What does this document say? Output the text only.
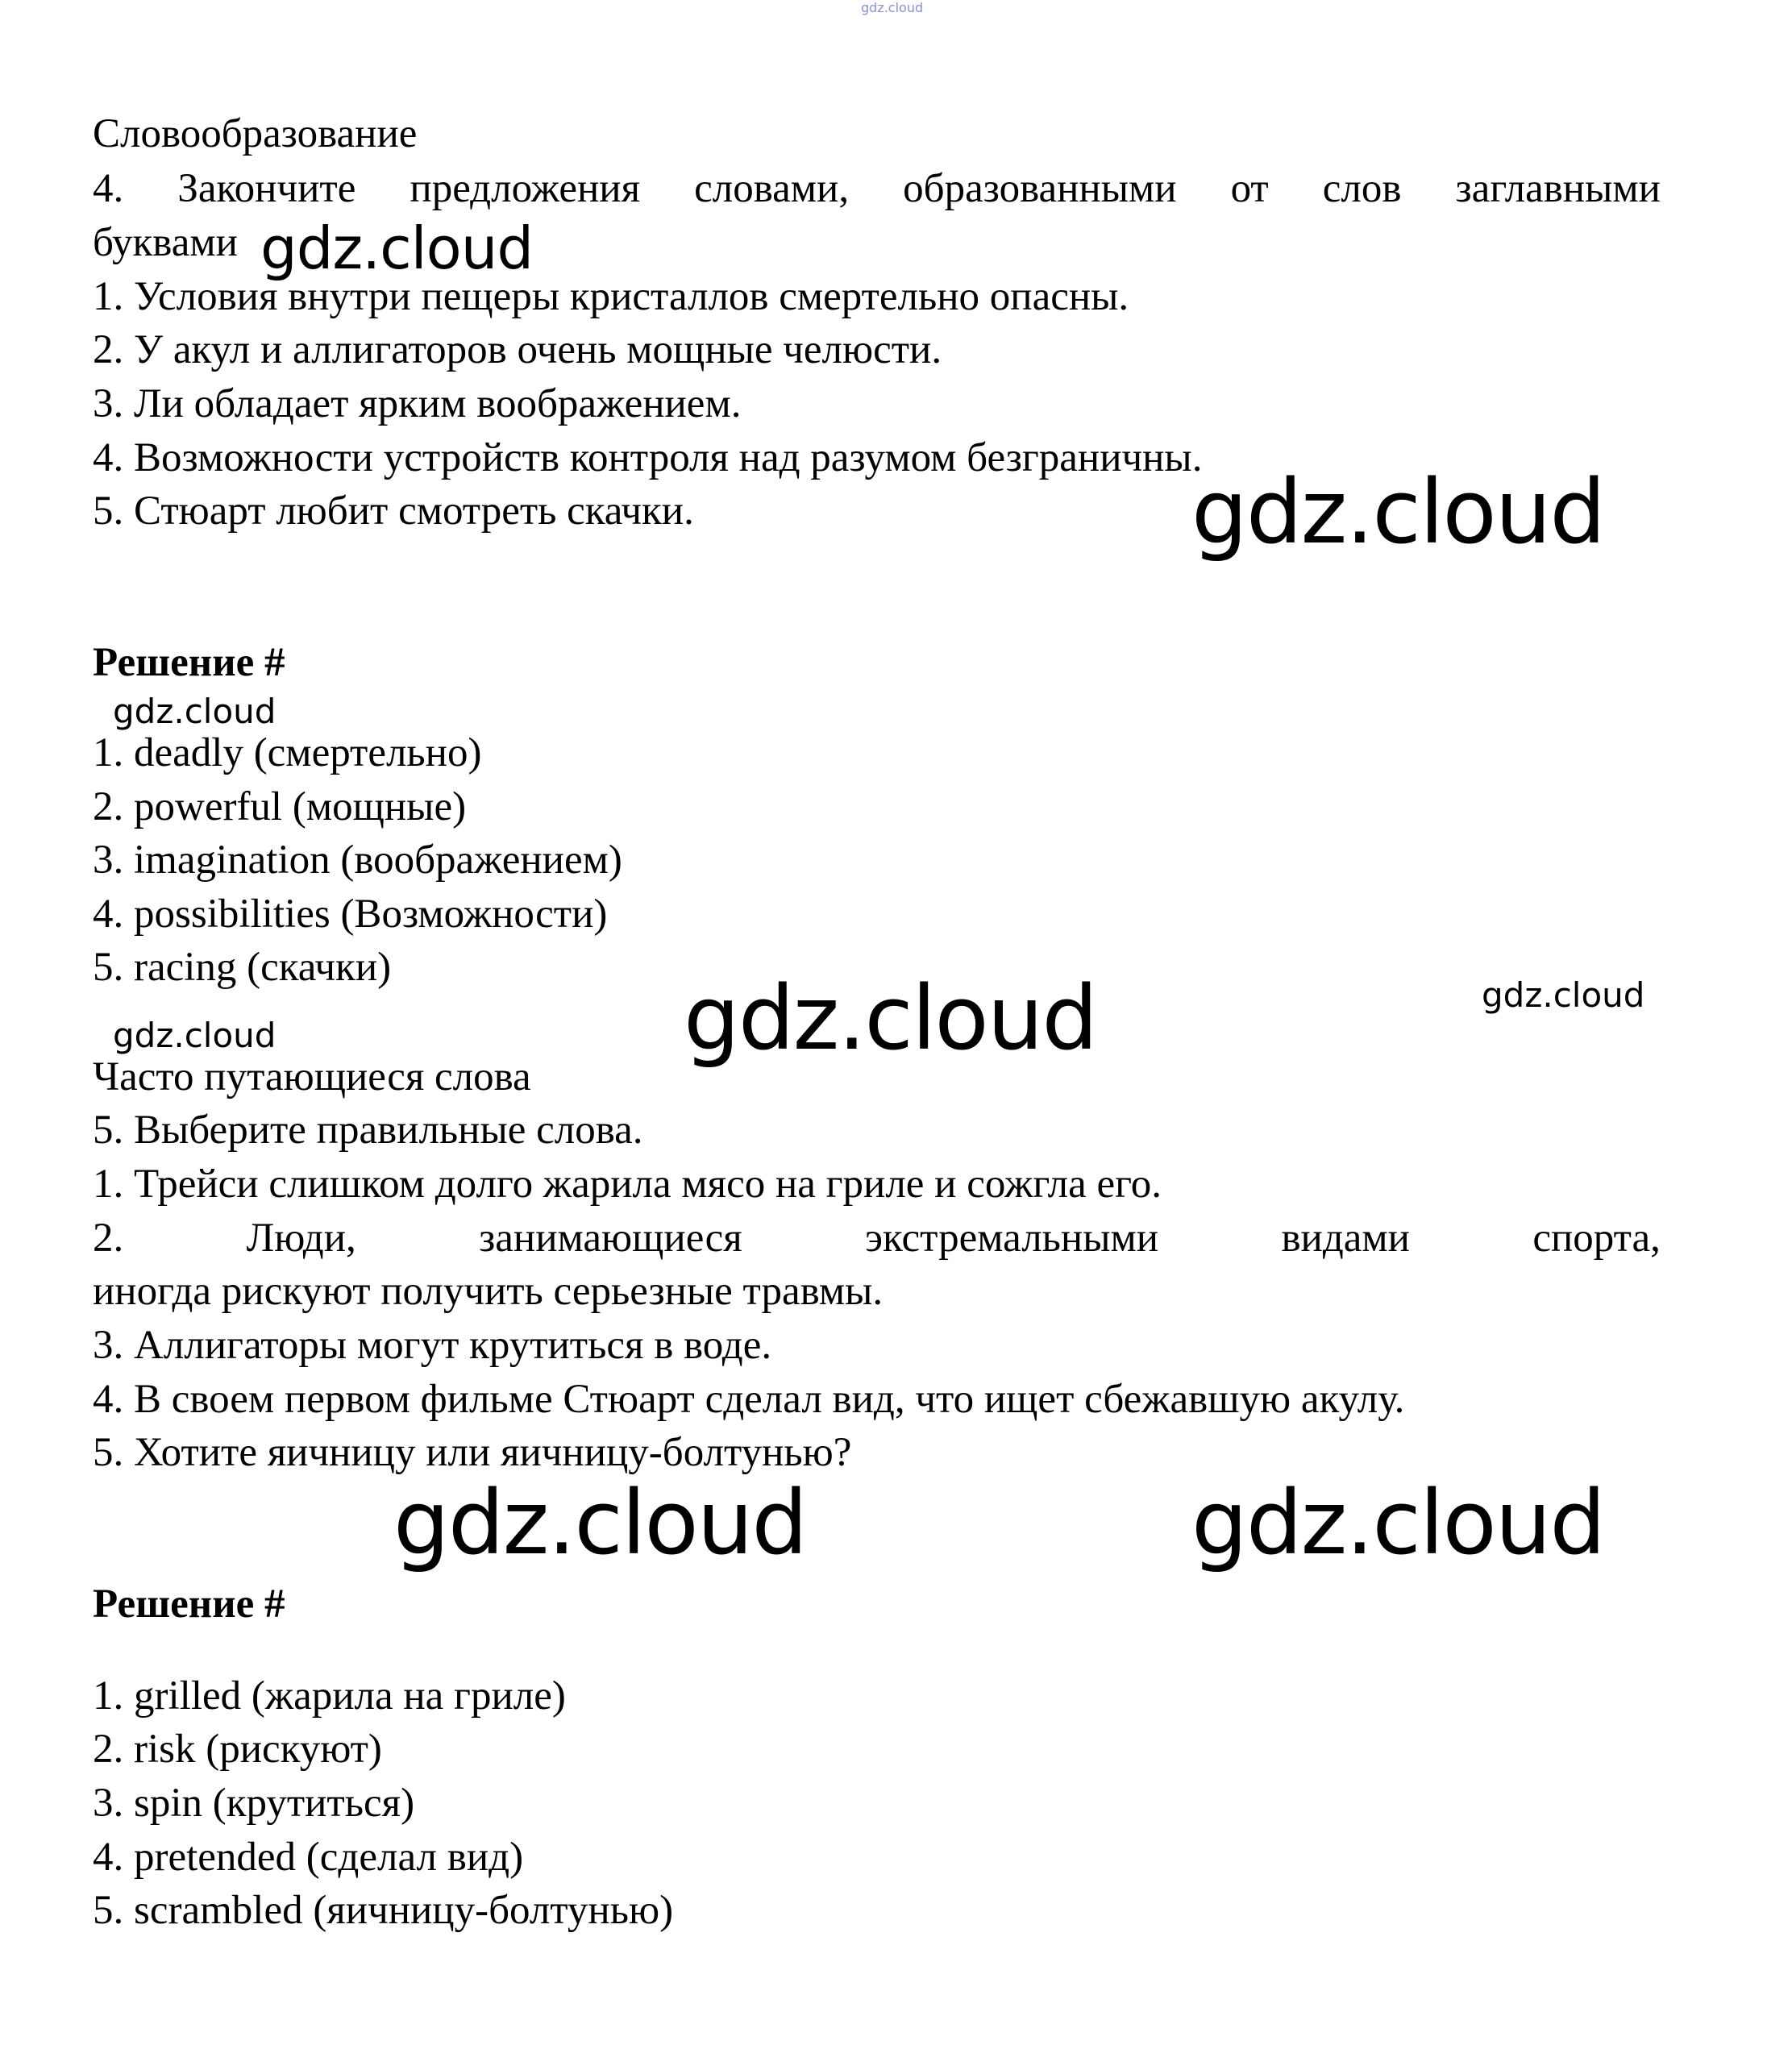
gdz.cloud
Словообразование
4. Закончите предложения словами, образованными от слов заглавными
буквами gdz.cloud
1. Условия внутри пещеры кристаллов смертельно опасны.
2. У акул и аллигаторов очень мощные челюсти.
3. Ли обладает ярким воображением.
4. Возможности устройств контроля над разумом безграничны.
5. Стюарт любит смотреть скачки.	gdz.cloud
Решение #
gdz.cloud
1. deadly (смертельно)
2. powerful (мощные)
3. imagination (воображением)
4. possibilities (Возможности)
5. racing (скачки)	gdz.cloud	gdz.cloud
gdz.cloud
Часто путающиеся слова
5. Выберите правильные слова.
1. Трейси слишком долго жарила мясо на гриле и сожгла его.
2.	Люди,	занимающиеся	экстремальными	видами	спорта,
иногда рискуют получить серьезные травмы.
3. Аллигаторы могут крутиться в воде.
4. В своем первом фильме Стюарт сделал вид, что ищет сбежавшую акулу.
5. Хотите яичницу или яичницу-болтунью?
gdz.cloud	gdz.cloud
Решение #
1. grilled (жарила на гриле)
2. risk (рискуют)
3. spin (крутиться)
4. pretended (сделал вид)
5. scrambled (яичницу-болтунью)
